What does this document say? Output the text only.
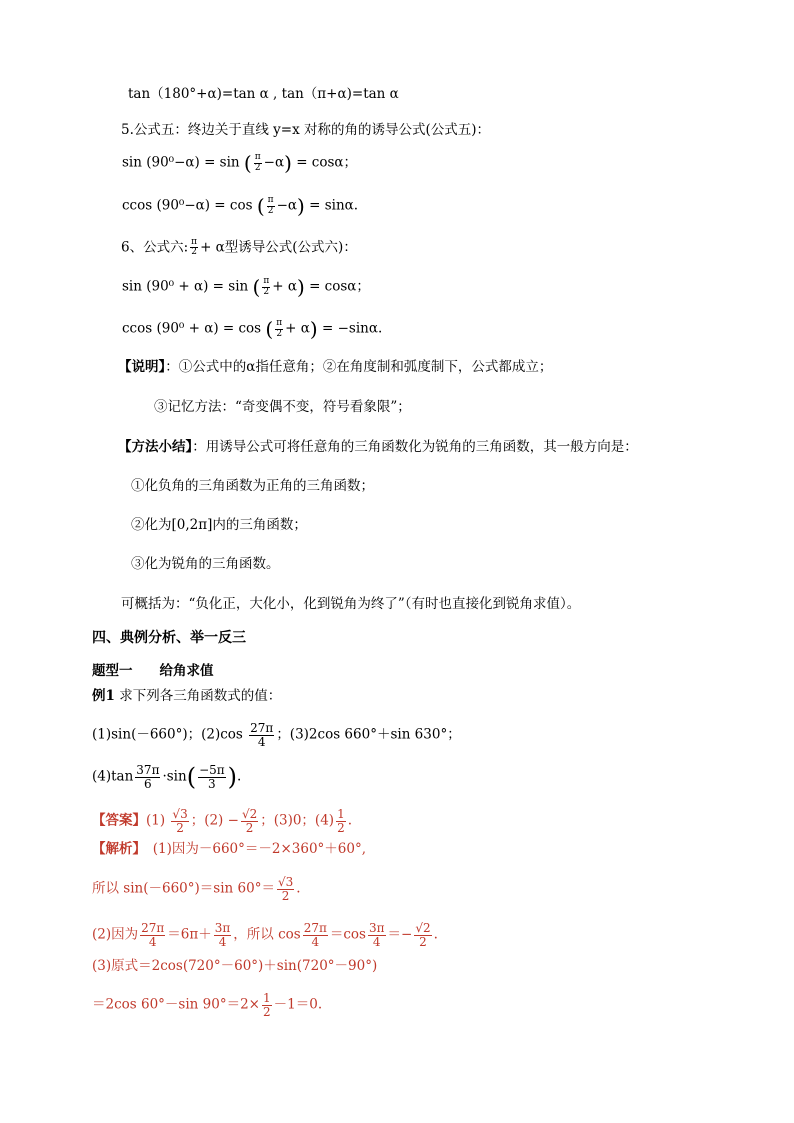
tan（180°+α)=tan α , tan（π+α)=tan α
5.公式五：终边关于直线 y=x 对称的角的诱导公式(公式五)：
sin (90⁰−α) = sin ( $\frac{\pi}{2} -\alpha) = \cos\alpha$；
ccos (90⁰−α) = cos ( $\frac{\pi}{2} -\alpha) = \sin\alpha$.
6、公式六: $\frac{\pi}{2} + \alpha$型诱导公式(公式六)：
sin (90⁰ + α) = sin ( $\frac{\pi}{2} + \alpha) = \cos\alpha$；
ccos (90⁰ + α) = cos ( $\frac{\pi}{2} + \alpha) = -\sin\alpha$.
【说明】：①公式中的α指任意角；②在角度制和弧度制下，公式都成立；
③记忆方法：“奇变偶不变，符号看象限”；
【方法小结】：用诱导公式可将任意角的三角函数化为锐角的三角函数，其一般方向是：
①化负角的三角函数为正角的三角函数；
②化为[0,2π]内的三角函数；
③化为锐角的三角函数。
可概括为：“负化正，大化小，化到锐角为终了”（有时也直接化到锐角求值）。
四、典例分析、举一反三
题型一　　给角求值
例1 求下列各三角函数式的值：
(1)sin(－660°)；$(2)\cos \frac{27\pi}{4}$ ；(3)2cos 660°＋sin 630°；
$(4)\tan \frac{37\pi}{6} \cdot\sin( \frac{-5\pi}{3}$ ).
【答案】$(1) \frac{√3}{2}$ ；$(2) - \frac{√2}{2}$ ；(3)0；$(4) \frac{1}{2}$ .
【解析】　(1)因为－660°＝－2×360°＋60°,
所以 sin(－660°)＝sin $60^\circ= \frac{√3}{2}$ .
(2)因为 $\frac{27\pi}{4} =6\pi+ \frac{3\pi}{4}$ ，所以 $\cos \frac{27\pi}{4} =\cos \frac{3\pi}{4} =- \frac{√2}{2}$ .
(3)原式＝2cos(720°－60°)＋sin(720°－90°)
＝2cos 60°－sin $90^\circ=2\times \frac{1}{2} -1=0$.
